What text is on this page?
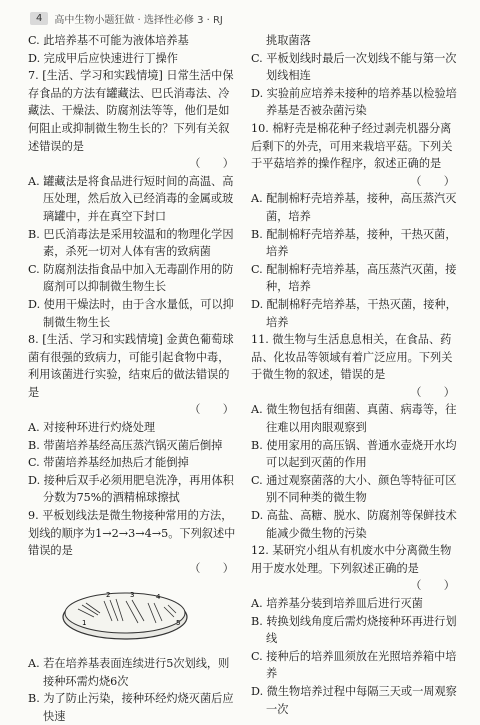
4	高中生物小题狂做 · 选择性必修 3 · RJ

C. 此培养基不可能为液体培养基

D. 完成甲后应快速进行丁操作

7. [生活、学习和实践情境] 日常生活中保存食品的方法有罐藏法、巴氏消毒法、冷藏法、干燥法、防腐剂法等等，他们是如何阻止或抑制微生物生长的？下列有关叙述错误的是

（　　）

A. 罐藏法是将食品进行短时间的高温、高压处理，然后放入已经消毒的金属或玻璃罐中，并在真空下封口

B. 巴氏消毒法是采用较温和的物理化学因素，杀死一切对人体有害的致病菌

C. 防腐剂法指食品中加入无毒副作用的防腐剂可以抑制微生物生长

D. 使用干燥法时，由于含水量低，可以抑制微生物生长

8. [生活、学习和实践情境] 金黄色葡萄球菌有很强的致病力，可能引起食物中毒，利用该菌进行实验，结束后的做法错误的是

（　　）

A. 对接种环进行灼烧处理

B. 带菌培养基经高压蒸汽锅灭菌后倒掉

C. 带菌培养基经加热后才能倒掉

D. 接种后双手必须用肥皂洗净，再用体积分数为75%的酒精棉球擦拭

9. 平板划线法是微生物接种常用的方法，划线的顺序为1→2→3→4→5。下列叙述中错误的是

（　　）

1
2	3	4
5

A. 若在培养基表面连续进行5次划线，则接种环需灼烧6次

B. 为了防止污染，接种环经灼烧灭菌后应快速

挑取菌落

C. 平板划线时最后一次划线不能与第一次划线相连

D. 实验前应培养未接种的培养基以检验培养基是否被杂菌污染

10. 棉籽壳是棉花种子经过剥壳机器分离后剩下的外壳，可用来栽培平菇。下列关于平菇培养的操作程序，叙述正确的是

（　　）

A. 配制棉籽壳培养基，接种，高压蒸汽灭菌，培养

B. 配制棉籽壳培养基，接种，干热灭菌，培养

C. 配制棉籽壳培养基，高压蒸汽灭菌，接种，培养

D. 配制棉籽壳培养基，干热灭菌，接种，培养

11. 微生物与生活息息相关，在食品、药品、化妆品等领域有着广泛应用。下列关于微生物的叙述，错误的是

（　　）

A. 微生物包括有细菌、真菌、病毒等，往往难以用肉眼观察到

B. 使用家用的高压锅、普通水壶烧开水均可以起到灭菌的作用

C. 通过观察菌落的大小、颜色等特征可区别不同种类的微生物

D. 高盐、高糖、脱水、防腐剂等保鲜技术能减少微生物的污染

12. 某研究小组从有机废水中分离微生物用于废水处理。下列叙述正确的是

（　　）

A. 培养基分装到培养皿后进行灭菌

B. 转换划线角度后需灼烧接种环再进行划线

C. 接种后的培养皿须放在光照培养箱中培养

D. 微生物培养过程中每隔三天或一周观察一次
